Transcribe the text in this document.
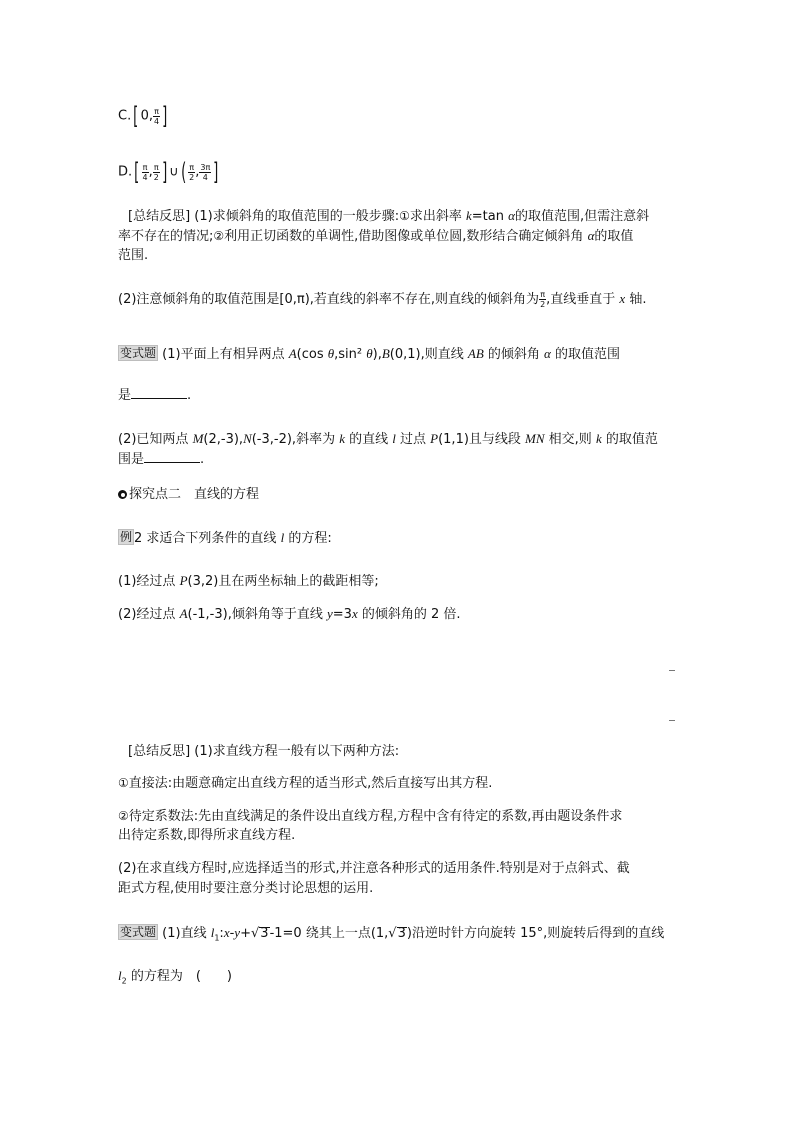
C.[ 0, $\frac{\pi}{4}$ ]
$D.[ \frac{\pi}{4}$ , $\frac{\pi}{2}$ ] ∪( $\frac{\pi}{2}$ , $\frac{3\pi}{4}$ ]
[总结反思] (1)求倾斜角的取值范围的一般步骤:①求出斜率 k=tan α的取值范围,但需注意斜
率不存在的情况;②利用正切函数的单调性,借助图像或单位圆,数形结合确定倾斜角 α的取值
范围.
(2)注意倾斜角的取值范围是[0,π),若直线的斜率不存在,则直线的倾斜角为 $\frac{\pi}{2}$ ,直线垂直于 x 轴.
变式题 (1)平面上有相异两点 A(cos θ,sin² θ),B(0,1),则直线 AB 的倾斜角 α 的取值范围
是	.
(2)已知两点 M(2,-3),N(-3,-2),斜率为 k 的直线 l 过点 P(1,1)且与线段 MN 相交,则 k 的取值范
围是	.
探究点二　直线的方程
例 2 求适合下列条件的直线 l 的方程:
(1)经过点 P(3,2)且在两坐标轴上的截距相等;
(2)经过点 A(-1,-3),倾斜角等于直线 y=3x 的倾斜角的 2 倍.
[总结反思] (1)求直线方程一般有以下两种方法:
①直接法:由题意确定出直线方程的适当形式,然后直接写出其方程.
②待定系数法:先由直线满足的条件设出直线方程,方程中含有待定的系数,再由题设条件求
出待定系数,即得所求直线方程.
(2)在求直线方程时,应选择适当的形式,并注意各种形式的适用条件.特别是对于点斜式、截
距式方程,使用时要注意分类讨论思想的运用.
变式题 (1)直线 $l_1:x-y+√3-1=0$ 绕其上一点(1,√3)沿逆时针方向旋转 15°,则旋转后得到的直线
$l_2$ 的方程为　(　　)
